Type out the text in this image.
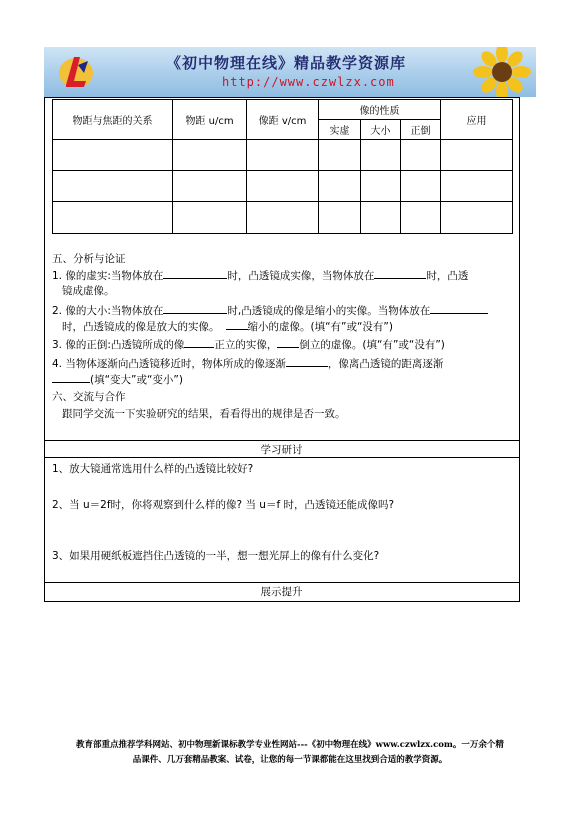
《初中物理在线》精品教学资源库
http://www.czwlzx.com
物距与焦距的关系	物距 u/cm	像距 v/cm	像的性质			应用
			实虚	大小	正倒	

五、分析与论证
1. 像的虚实:当物体放在	时，凸透镜成实像，当物体放在	时，凸透
镜成虚像。
2. 像的大小:当物体放在	时,凸透镜成的像是缩小的实像。当物体放在
时，凸透镜成的像是放大的实像。	缩小的虚像。(填“有”或“没有”)
3. 像的正倒:凸透镜所成的像	正立的实像， 倒立的虚像。(填“有”或“没有”)
4. 当物体逐渐向凸透镜移近时，物体所成的像逐渐	，像离凸透镜的距离逐渐
(填“变大”或“变小”)
六、交流与合作
跟同学交流一下实验研究的结果，看看得出的规律是否一致。
学习研讨
1、放大镜通常选用什么样的凸透镜比较好?
2、当 u＝2f时，你将观察到什么样的像? 当 u＝f 时，凸透镜还能成像吗?
3、如果用硬纸板遮挡住凸透镜的一半，想一想光屏上的像有什么变化?
展示提升
教育部重点推荐学科网站、初中物理新课标教学专业性网站---《初中物理在线》www.czwlzx.com。一万余个精
品课件、几万套精品教案、试卷，让您的每一节课都能在这里找到合适的教学资源。
